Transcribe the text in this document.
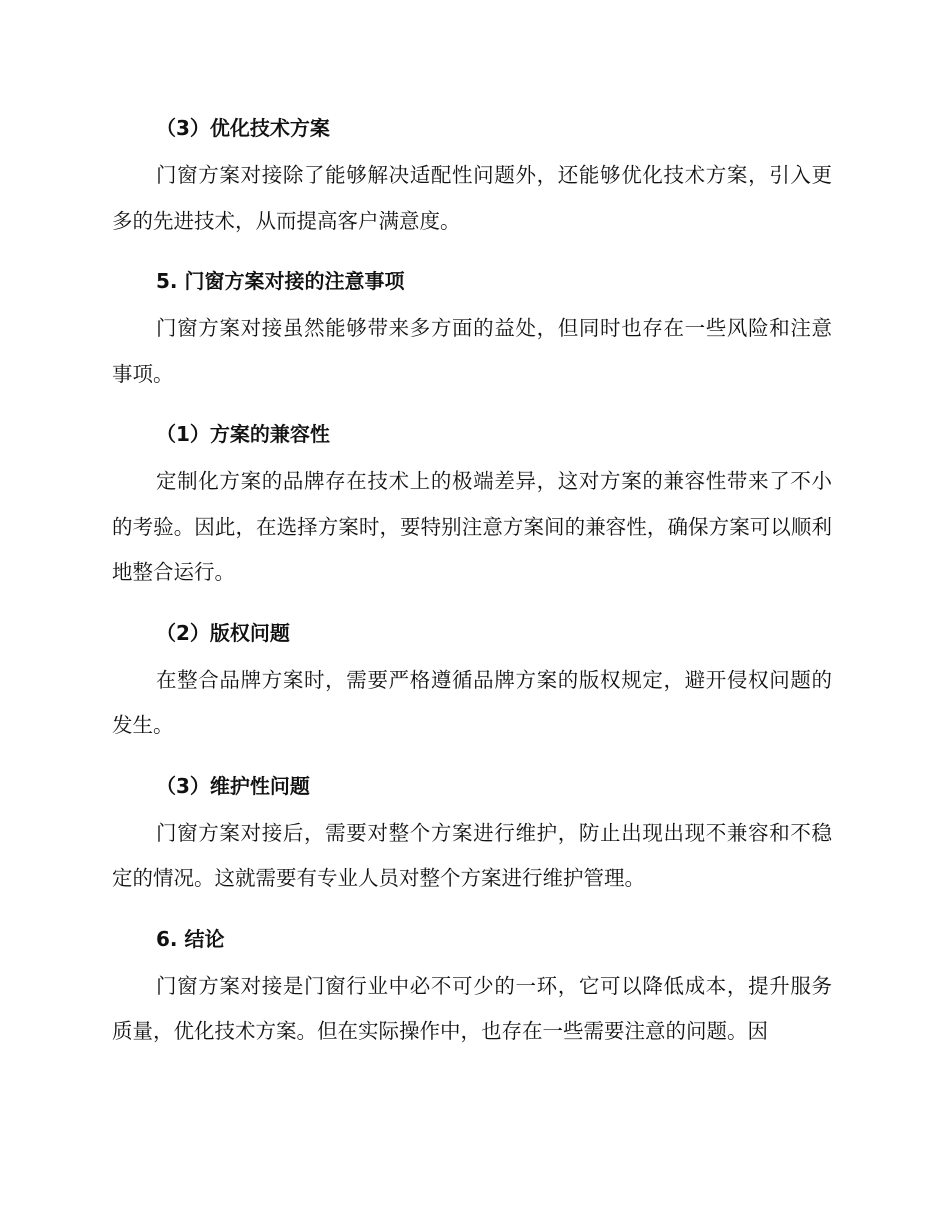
（3）优化技术方案

门窗方案对接除了能够解决适配性问题外，还能够优化技术方案，引入更多的先进技术，从而提高客户满意度。

5. 门窗方案对接的注意事项

门窗方案对接虽然能够带来多方面的益处，但同时也存在一些风险和注意事项。

（1）方案的兼容性

定制化方案的品牌存在技术上的极端差异，这对方案的兼容性带来了不小的考验。因此，在选择方案时，要特别注意方案间的兼容性，确保方案可以顺利地整合运行。

（2）版权问题

在整合品牌方案时，需要严格遵循品牌方案的版权规定，避开侵权问题的发生。

（3）维护性问题

门窗方案对接后，需要对整个方案进行维护，防止出现出现不兼容和不稳定的情况。这就需要有专业人员对整个方案进行维护管理。

6. 结论

门窗方案对接是门窗行业中必不可少的一环，它可以降低成本，提升服务质量，优化技术方案。但在实际操作中，也存在一些需要注意的问题。因
